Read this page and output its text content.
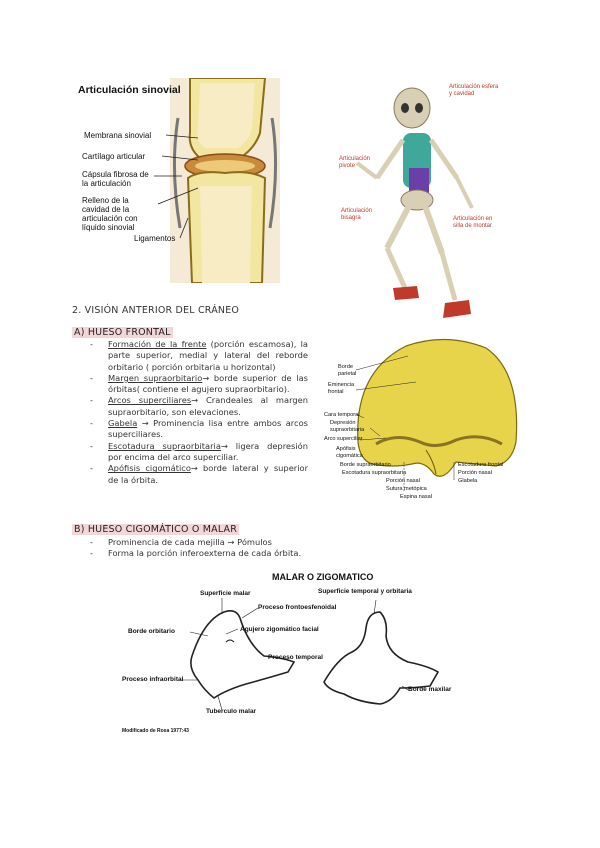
Articulación sinovial
Membrana sinovial
Cartílago articular
Cápsula fibrosa de la articulación
Relleno de la cavidad de la articulación con líquido sinovial
Ligamentos
Articulación esfera y cavidad
Articulación pivote
Articulación bisagra	Articulación en silla de montar
2. VISIÓN ANTERIOR DEL CRÁNEO
A) HUESO FRONTAL
- Formación de la frente (porción escamosa), la parte superior, medial y lateral del reborde orbitario ( porción orbitaria u horizontal)
- Margen supraorbitario→ borde superior de las órbitas( contiene el agujero supraorbitario).
- Arcos superciliares→ Crandeales al margen supraorbitario, son elevaciones.
- Gabela → Prominencia lisa entre ambos arcos superciliares.
- Escotadura supraorbitaria→ ligera depresión por encima del arco superciliar.
- Apófisis cigomático→ borde lateral y superior de la órbita.
Borde parietal
Eminencia frontal
Cara temporal
Depresión supraorbitaria
Arco superciliar
Apófisis cigomática
Borde supraorbitario
Escotadura supraorbitaria
Porción nasal
Sutura metópica
Espina nasal
Escotadura frontal
Porción nasal
Glabela
B) HUESO CIGOMÁTICO O MALAR
- Prominencia de cada mejilla → Pómulos
- Forma la porción inferoexterna de cada órbita.
MALAR O ZIGOMATICO
Superficie malar	Superficie temporal y orbitaria
Proceso frontoesfenoidal
Borde orbitario	Agujero zigomático facial
Proceso temporal
Proceso infraorbital
Tuberculo malar
Borde maxilar
Modificado de Rosa 1977:43
